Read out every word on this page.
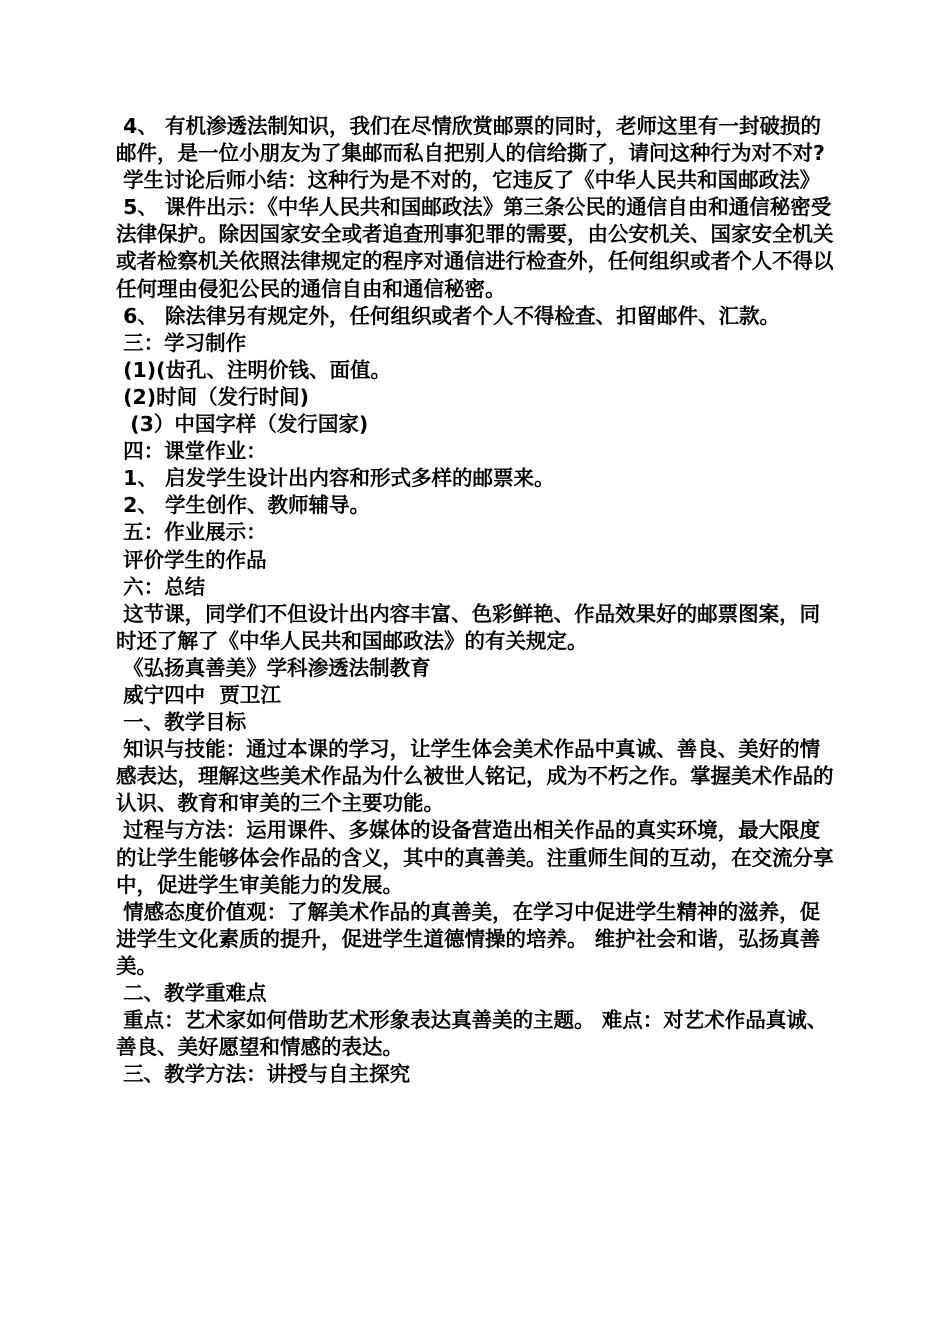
4、 有机渗透法制知识，我们在尽情欣赏邮票的同时，老师这里有一封破损的邮件，是一位小朋友为了集邮而私自把别人的信给撕了，请问这种行为对不对?

学生讨论后师小结：这种行为是不对的，它违反了《中华人民共和国邮政法》

5、 课件出示：《中华人民共和国邮政法》第三条公民的通信自由和通信秘密受法律保护。除因国家安全或者追查刑事犯罪的需要，由公安机关、国家安全机关或者检察机关依照法律规定的程序对通信进行检查外，任何组织或者个人不得以任何理由侵犯公民的通信自由和通信秘密。

6、 除法律另有规定外，任何组织或者个人不得检查、扣留邮件、汇款。

三：学习制作

(1)(齿孔、注明价钱、面值。

(2)时间（发行时间)

(3）中国字样（发行国家)

四：课堂作业：

1、 启发学生设计出内容和形式多样的邮票来。

2、 学生创作、教师辅导。

五：作业展示：

评价学生的作品

六：总结

这节课，同学们不但设计出内容丰富、色彩鲜艳、作品效果好的邮票图案，同时还了解了《中华人民共和国邮政法》的有关规定。

《弘扬真善美》学科渗透法制教育

威宁四中  贾卫江

一、教学目标

知识与技能：通过本课的学习，让学生体会美术作品中真诚、善良、美好的情感表达，理解这些美术作品为什么被世人铭记，成为不朽之作。掌握美术作品的认识、教育和审美的三个主要功能。

过程与方法：运用课件、多媒体的设备营造出相关作品的真实环境，最大限度的让学生能够体会作品的含义，其中的真善美。注重师生间的互动，在交流分享中，促进学生审美能力的发展。

情感态度价值观：了解美术作品的真善美，在学习中促进学生精神的滋养，促进学生文化素质的提升，促进学生道德情操的培养。 维护社会和谐，弘扬真善美。

二、教学重难点

重点：艺术家如何借助艺术形象表达真善美的主题。 难点：对艺术作品真诚、善良、美好愿望和情感的表达。

三、教学方法：讲授与自主探究
